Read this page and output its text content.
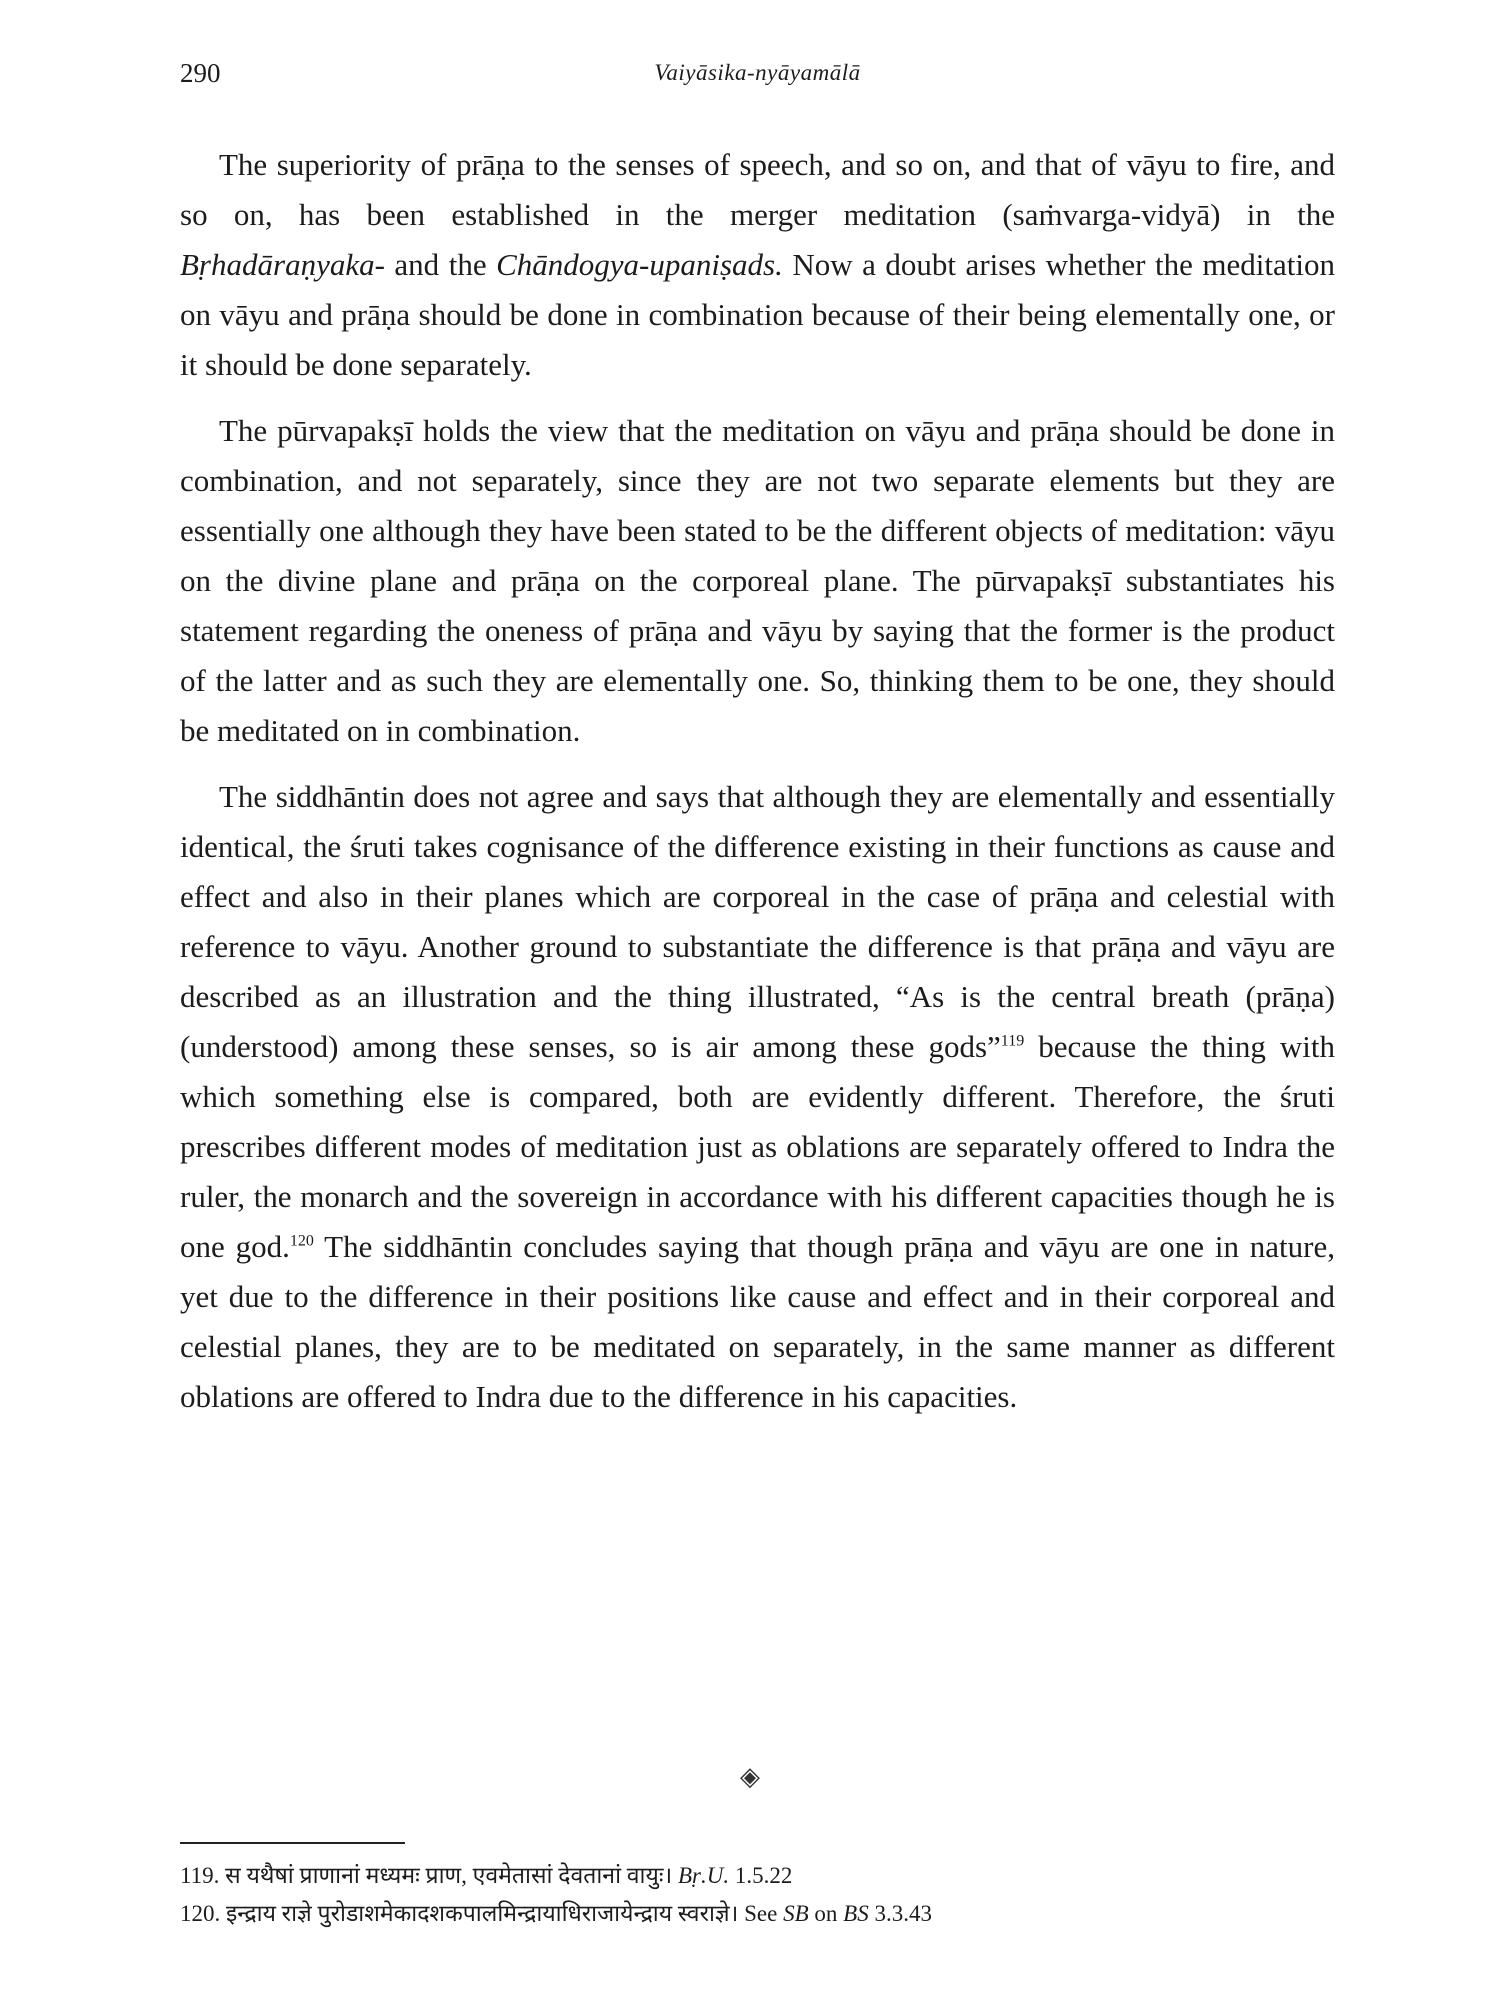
290	Vaiyāsika-nyāyamālā

The superiority of prāṇa to the senses of speech, and so on, and that of vāyu to fire, and so on, has been established in the merger meditation (saṁvarga-vidyā) in the Bṛhadāraṇyaka- and the Chāndogya-upaniṣads. Now a doubt arises whether the meditation on vāyu and prāṇa should be done in combination because of their being elementally one, or it should be done separately.

The pūrvapakṣī holds the view that the meditation on vāyu and prāṇa should be done in combination, and not separately, since they are not two separate elements but they are essentially one although they have been stated to be the different objects of meditation: vāyu on the divine plane and prāṇa on the corporeal plane. The pūrvapakṣī substantiates his statement regarding the oneness of prāṇa and vāyu by saying that the former is the product of the latter and as such they are elementally one. So, thinking them to be one, they should be meditated on in combination.

The siddhāntin does not agree and says that although they are elementally and essentially identical, the śruti takes cognisance of the difference existing in their functions as cause and effect and also in their planes which are corporeal in the case of prāṇa and celestial with reference to vāyu. Another ground to substantiate the difference is that prāṇa and vāyu are described as an illustration and the thing illustrated, “As is the central breath (prāṇa) (understood) among these senses, so is air among these gods”$^{119}$ because the thing with which something else is compared, both are evidently different. Therefore, the śruti prescribes different modes of meditation just as oblations are separately offered to Indra the ruler, the monarch and the sovereign in accordance with his different capacities though he is one god.$^{120}$ The siddhāntin concludes saying that though prāṇa and vāyu are one in nature, yet due to the difference in their positions like cause and effect and in their corporeal and celestial planes, they are to be meditated on separately, in the same manner as different oblations are offered to Indra due to the difference in his capacities.

◈
119. स यथैषां प्राणानां मध्यमः प्राण, एवमेतासां देवतानां वायुः। Bṛ.U. 1.5.22
120. इन्द्राय राज्ञे पुरोडाशमेकादशकपालमिन्द्रायाधिराजायेन्द्राय स्वराज्ञे। See SB on BS 3.3.43
